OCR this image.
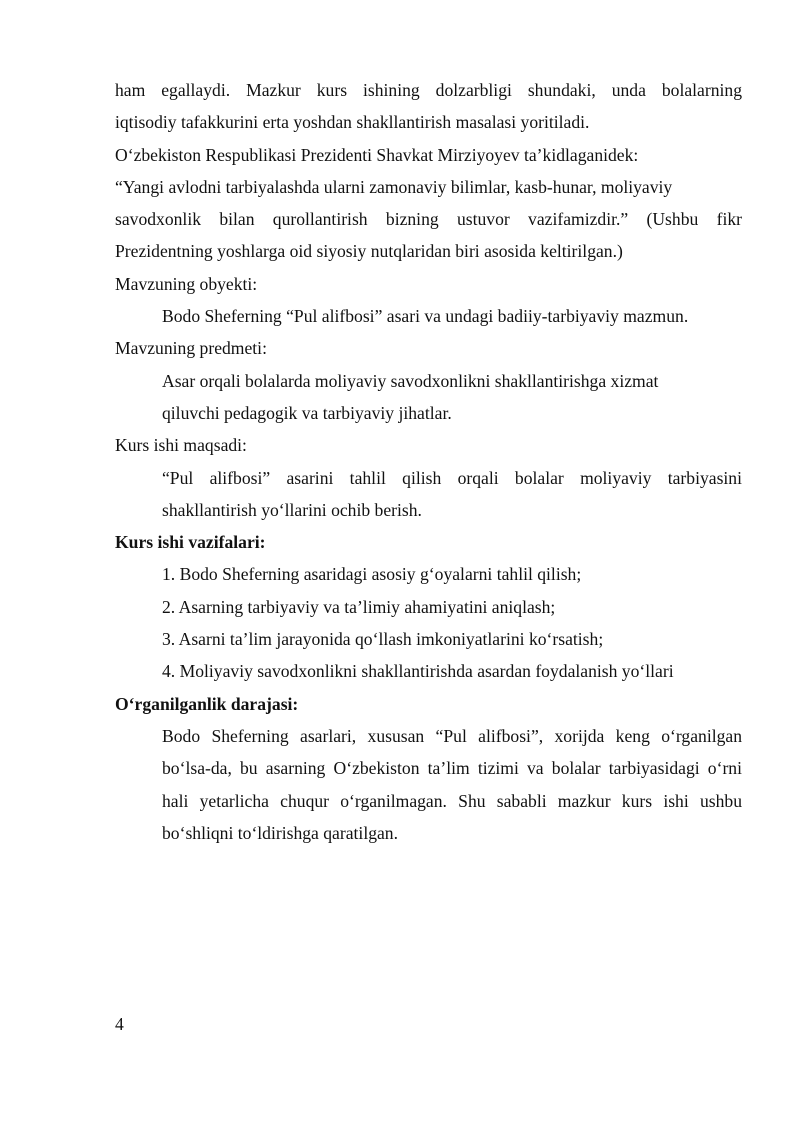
ham egallaydi. Mazkur kurs ishining dolzarbligi shundaki, unda bolalarning
iqtisodiy tafakkurini erta yoshdan shakllantirish masalasi yoritiladi.
O‘zbekiston Respublikasi Prezidenti Shavkat Mirziyoyev ta’kidlaganidek:
“Yangi avlodni tarbiyalashda ularni zamonaviy bilimlar, kasb-hunar, moliyaviy
savodxonlik bilan qurollantirish bizning ustuvor vazifamizdir.” (Ushbu fikr
Prezidentning yoshlarga oid siyosiy nutqlaridan biri asosida keltirilgan.)
Mavzuning obyekti:
Bodo Sheferning “Pul alifbosi” asari va undagi badiiy-tarbiyaviy mazmun.
Mavzuning predmeti:
Asar orqali bolalarda moliyaviy savodxonlikni shakllantirishga xizmat
qiluvchi pedagogik va tarbiyaviy jihatlar.
Kurs ishi maqsadi:
“Pul alifbosi” asarini tahlil qilish orqali bolalar moliyaviy tarbiyasini
shakllantirish yo‘llarini ochib berish.
Kurs ishi vazifalari:
1. Bodo Sheferning asaridagi asosiy g‘oyalarni tahlil qilish;
2. Asarning tarbiyaviy va ta’limiy ahamiyatini aniqlash;
3. Asarni ta’lim jarayonida qo‘llash imkoniyatlarini ko‘rsatish;
4. Moliyaviy savodxonlikni shakllantirishda asardan foydalanish yo‘llari
O‘rganilganlik darajasi:
Bodo Sheferning asarlari, xususan “Pul alifbosi”, xorijda keng o‘rganilgan
bo‘lsa-da, bu asarning O‘zbekiston ta’lim tizimi va bolalar tarbiyasidagi o‘rni
hali yetarlicha chuqur o‘rganilmagan. Shu sababli mazkur kurs ishi ushbu
bo‘shliqni to‘ldirishga qaratilgan.
4
